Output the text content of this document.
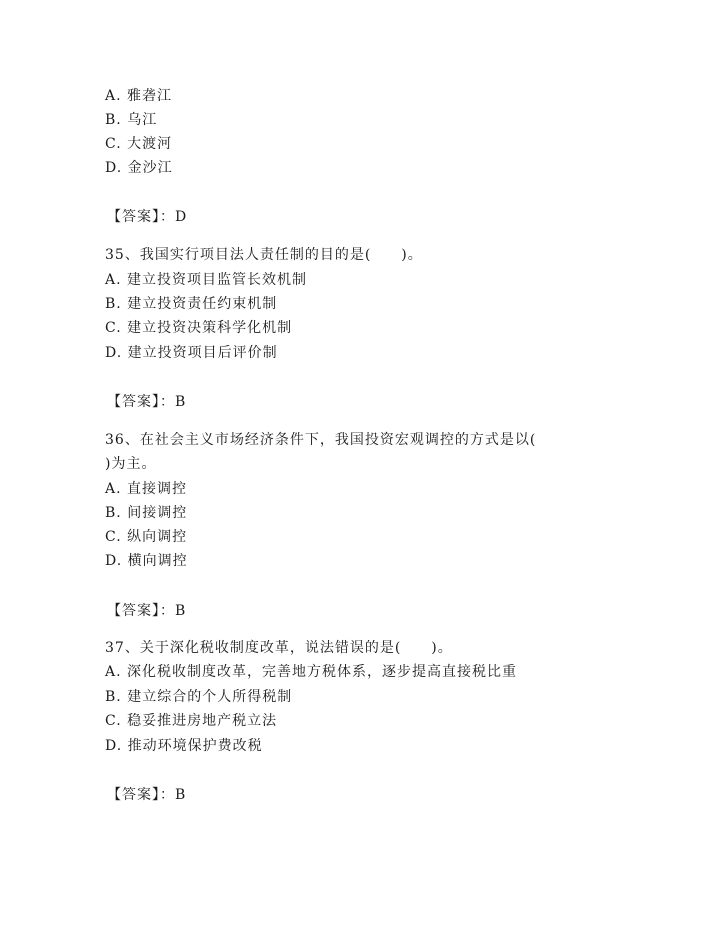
A. 雅砻江
B. 乌江
C. 大渡河
D. 金沙江
【答案】：D
35、我国实行项目法人责任制的目的是(　　)。
A. 建立投资项目监管长效机制
B. 建立投资责任约束机制
C. 建立投资决策科学化机制
D. 建立投资项目后评价制
【答案】：B
36、在社会主义市场经济条件下，我国投资宏观调控的方式是以(
)为主。
A. 直接调控
B. 间接调控
C. 纵向调控
D. 横向调控
【答案】：B
37、关于深化税收制度改革，说法错误的是(　　)。
A. 深化税收制度改革，完善地方税体系，逐步提高直接税比重
B. 建立综合的个人所得税制
C. 稳妥推进房地产税立法
D. 推动环境保护费改税
【答案】：B
